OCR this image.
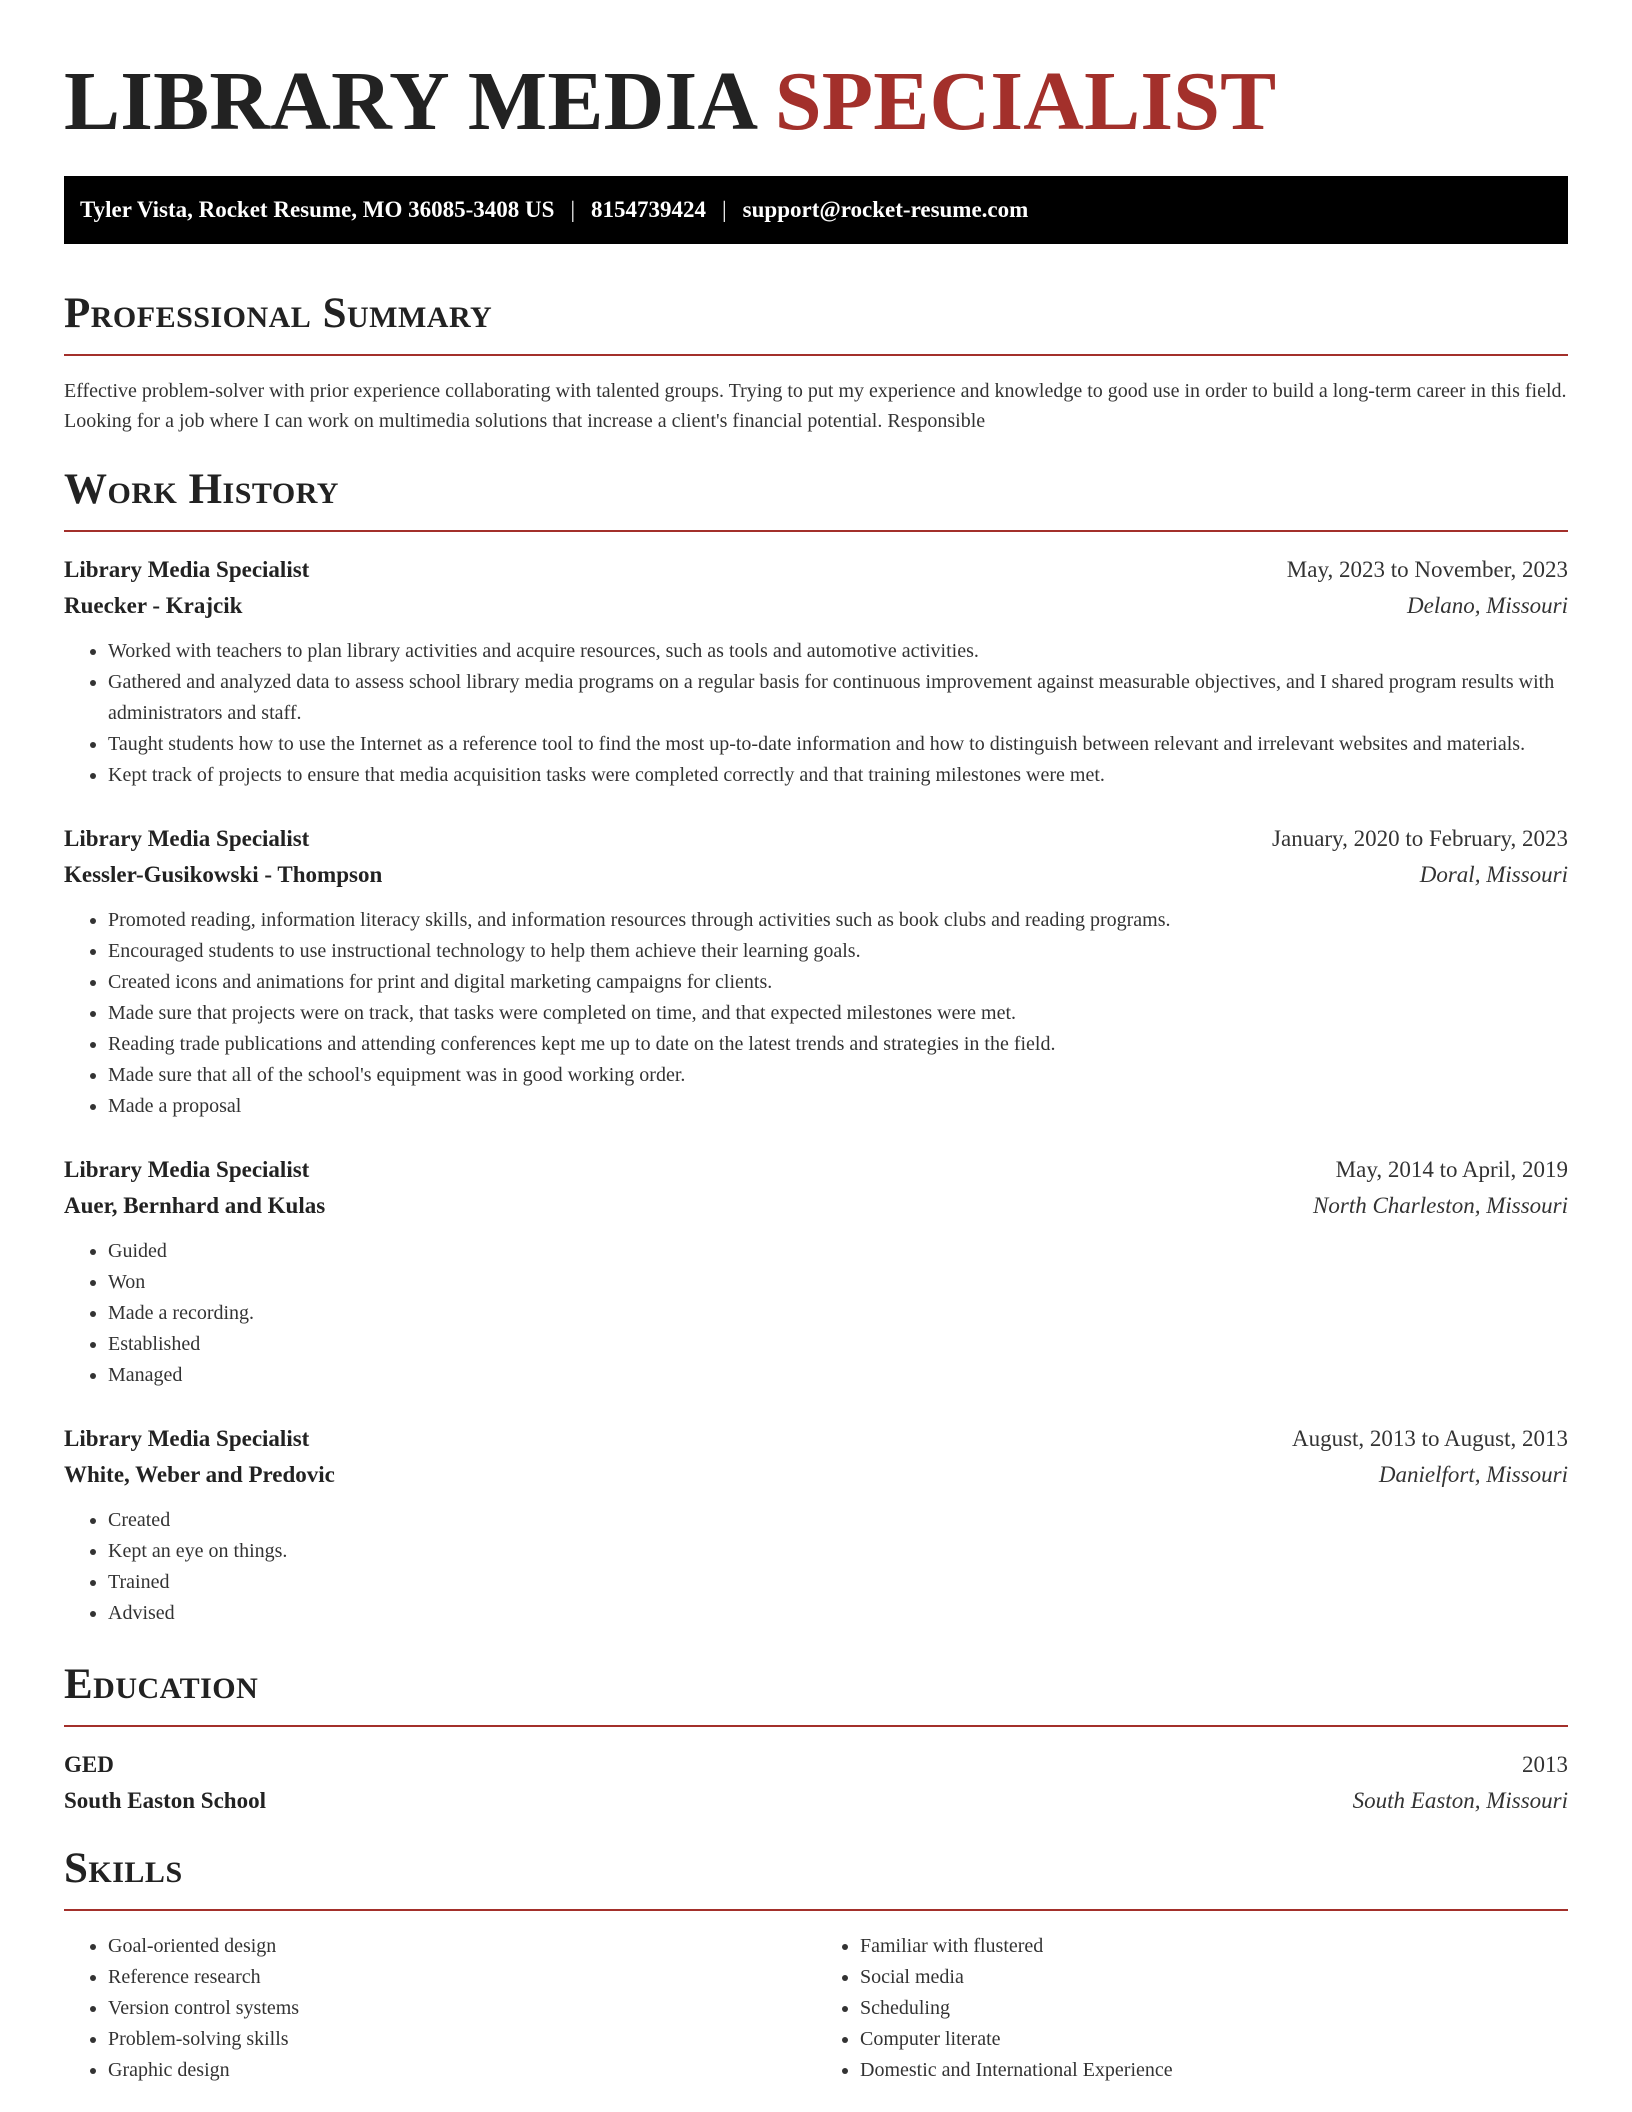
LIBRARY MEDIA SPECIALIST
Tyler Vista, Rocket Resume, MO 36085-3408 US | 8154739424 | support@rocket-resume.com
Professional Summary

Effective problem-solver with prior experience collaborating with talented groups. Trying to put my experience and knowledge to good use in order to build a long-term career in this field. Looking for a job where I can work on multimedia solutions that increase a client's financial potential. Responsible

Work History
Library Media Specialist	May, 2023 to November, 2023
Ruecker - Krajcik	Delano, Missouri
• Worked with teachers to plan library activities and acquire resources, such as tools and automotive activities.
• Gathered and analyzed data to assess school library media programs on a regular basis for continuous improvement against measurable objectives, and I shared program results with administrators and staff.
• Taught students how to use the Internet as a reference tool to find the most up-to-date information and how to distinguish between relevant and irrelevant websites and materials.
• Kept track of projects to ensure that media acquisition tasks were completed correctly and that training milestones were met.
Library Media Specialist	January, 2020 to February, 2023
Kessler-Gusikowski - Thompson	Doral, Missouri
• Promoted reading, information literacy skills, and information resources through activities such as book clubs and reading programs.
• Encouraged students to use instructional technology to help them achieve their learning goals.
• Created icons and animations for print and digital marketing campaigns for clients.
• Made sure that projects were on track, that tasks were completed on time, and that expected milestones were met.
• Reading trade publications and attending conferences kept me up to date on the latest trends and strategies in the field.
• Made sure that all of the school's equipment was in good working order.
• Made a proposal
Library Media Specialist	May, 2014 to April, 2019
Auer, Bernhard and Kulas	North Charleston, Missouri
• Guided
• Won
• Made a recording.
• Established
• Managed
Library Media Specialist	August, 2013 to August, 2013
White, Weber and Predovic	Danielfort, Missouri
• Created
• Kept an eye on things.
• Trained
• Advised
Education
GED	2013
South Easton School	South Easton, Missouri
Skills
• Goal-oriented design
• Reference research
• Version control systems
• Problem-solving skills
• Graphic design
• Familiar with flustered
• Social media
• Scheduling
• Computer literate
• Domestic and International Experience
